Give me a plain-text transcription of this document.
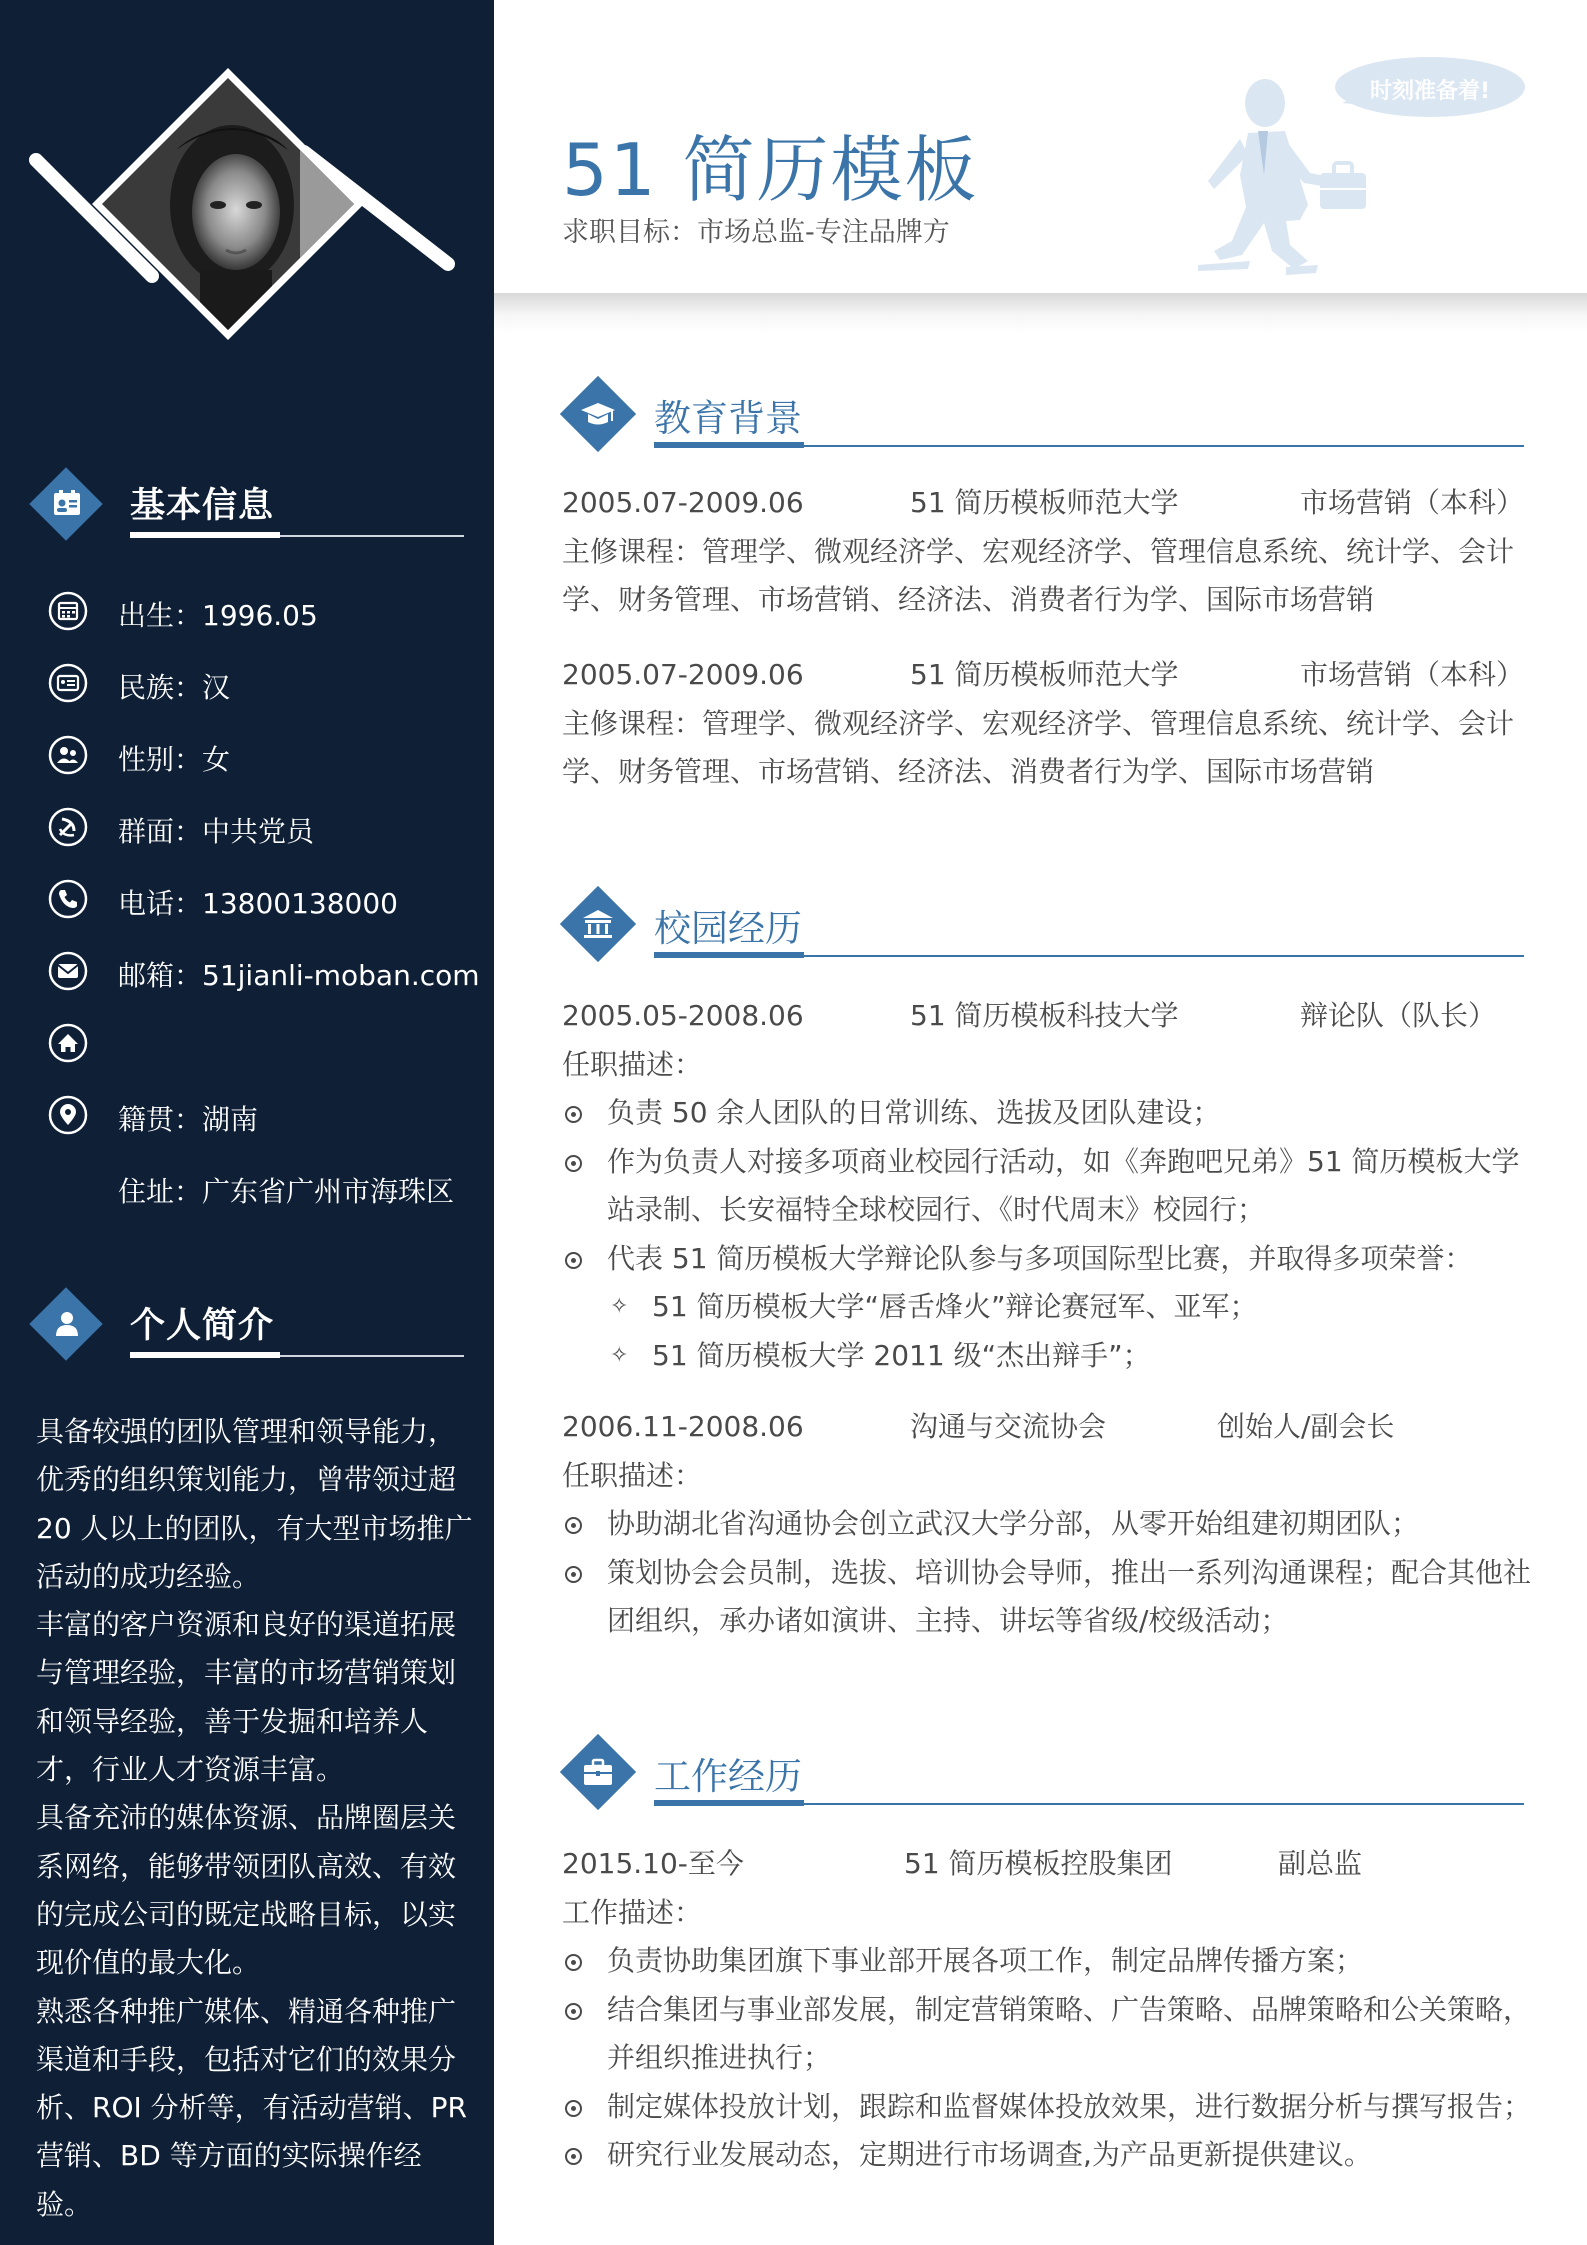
基本信息
出生：1996.05
民族：汉
性别：女
群面：中共党员
电话：13800138000
邮箱：51jianli-moban.com
籍贯：湖南
住址：广东省广州市海珠区
个人简介

具备较强的团队管理和领导能力，优秀的组织策划能力，曾带领过超20 人以上的团队，有大型市场推广活动的成功经验。

丰富的客户资源和良好的渠道拓展与管理经验，丰富的市场营销策划和领导经验，善于发掘和培养人才，行业人才资源丰富。

具备充沛的媒体资源、品牌圈层关系网络，能够带领团队高效、有效的完成公司的既定战略目标，以实现价值的最大化。

熟悉各种推广媒体、精通各种推广渠道和手段，包括对它们的效果分析、ROI 分析等，有活动营销、PR 营销、BD 等方面的实际操作经验。

51 简历模板
求职目标：市场总监-专注品牌方
时刻准备着!
教育背景
2005.07-2009.06	51 简历模板师范大学	市场营销（本科）

主修课程：管理学、微观经济学、宏观经济学、管理信息系统、统计学、会计学、财务管理、市场营销、经济法、消费者行为学、国际市场营销

2005.07-2009.06	51 简历模板师范大学	市场营销（本科）

主修课程：管理学、微观经济学、宏观经济学、管理信息系统、统计学、会计学、财务管理、市场营销、经济法、消费者行为学、国际市场营销

校园经历
2005.05-2008.06	51 简历模板科技大学	辩论队（队长）

任职描述：

负责 50 余人团队的日常训练、选拔及团队建设；
作为负责人对接多项商业校园行活动，如《奔跑吧兄弟》51 简历模板大学站录制、长安福特全球校园行、《时代周末》校园行；
代表 51 简历模板大学辩论队参与多项国际型比赛，并取得多项荣誉：
✧ 51 简历模板大学“唇舌烽火”辩论赛冠军、亚军；
✧ 51 简历模板大学 2011 级“杰出辩手”；
2006.11-2008.06	沟通与交流协会	创始人/副会长

任职描述：

协助湖北省沟通协会创立武汉大学分部，从零开始组建初期团队；
策划协会会员制，选拔、培训协会导师，推出一系列沟通课程；配合其他社团组织，承办诸如演讲、主持、讲坛等省级/校级活动；
工作经历
2015.10-至今	51 简历模板控股集团	副总监

工作描述：

负责协助集团旗下事业部开展各项工作，制定品牌传播方案；
结合集团与事业部发展，制定营销策略、广告策略、品牌策略和公关策略，并组织推进执行；
制定媒体投放计划，跟踪和监督媒体投放效果，进行数据分析与撰写报告；
研究行业发展动态，定期进行市场调查,为产品更新提供建议。
